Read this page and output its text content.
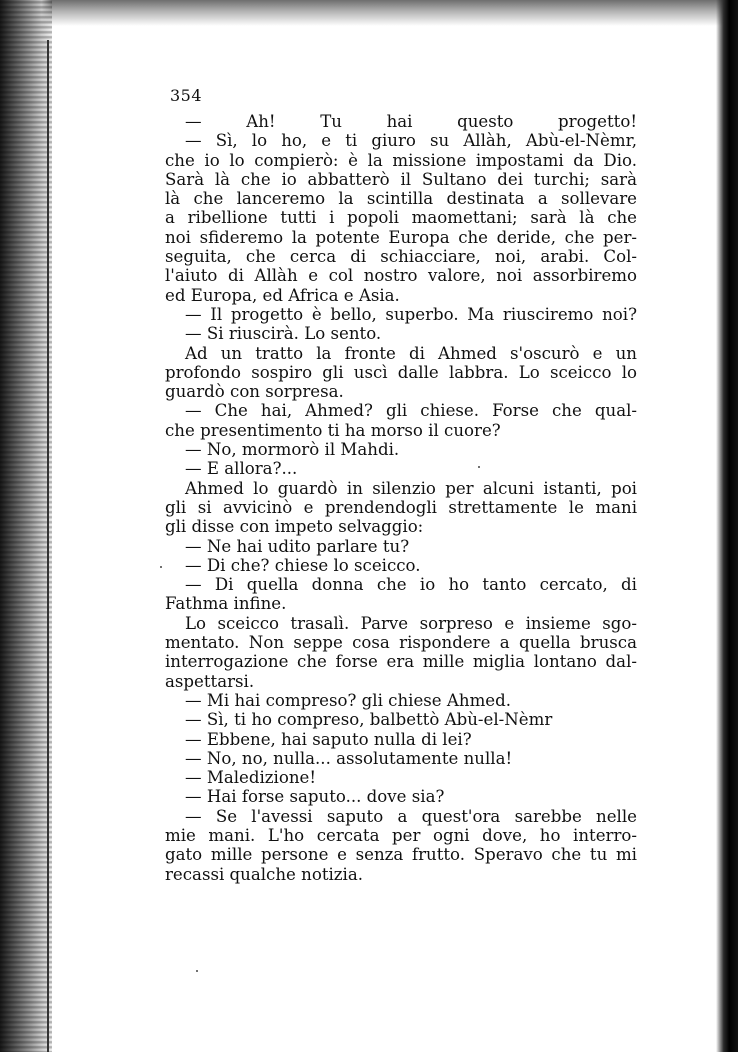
354
— Ah! Tu hai questo progetto!
— Sì, lo ho, e ti giuro su Allàh, Abù-el-Nèmr,
che io lo compierò: è la missione impostami da Dio.
Sarà là che io abbatterò il Sultano dei turchi; sarà
là che lanceremo la scintilla destinata a sollevare
a ribellione tutti i popoli maomettani; sarà là che
noi sfideremo la potente Europa che deride, che per-
seguita, che cerca di schiacciare, noi, arabi. Col-
l'aiuto di Allàh e col nostro valore, noi assorbiremo
ed Europa, ed Africa e Asia.
— Il progetto è bello, superbo. Ma riusciremo noi?
— Si riuscirà. Lo sento.
Ad un tratto la fronte di Ahmed s'oscurò e un
profondo sospiro gli uscì dalle labbra. Lo sceicco lo
guardò con sorpresa.
— Che hai, Ahmed? gli chiese. Forse che qual-
che presentimento ti ha morso il cuore?
— No, mormorò il Mahdi.
— E allora?...
Ahmed lo guardò in silenzio per alcuni istanti, poi
gli si avvicinò e prendendogli strettamente le mani
gli disse con impeto selvaggio:
— Ne hai udito parlare tu?
— Di che? chiese lo sceicco.
— Di quella donna che io ho tanto cercato, di
Fathma infine.
Lo sceicco trasalì. Parve sorpreso e insieme sgo-
mentato. Non seppe cosa rispondere a quella brusca
interrogazione che forse era mille miglia lontano dal-
aspettarsi.
— Mi hai compreso? gli chiese Ahmed.
— Sì, ti ho compreso, balbettò Abù-el-Nèmr
— Ebbene, hai saputo nulla di lei?
— No, no, nulla... assolutamente nulla!
— Maledizione!
— Hai forse saputo... dove sia?
— Se l'avessi saputo a quest'ora sarebbe nelle
mie mani. L'ho cercata per ogni dove, ho interro-
gato mille persone e senza frutto. Speravo che tu mi
recassi qualche notizia.
